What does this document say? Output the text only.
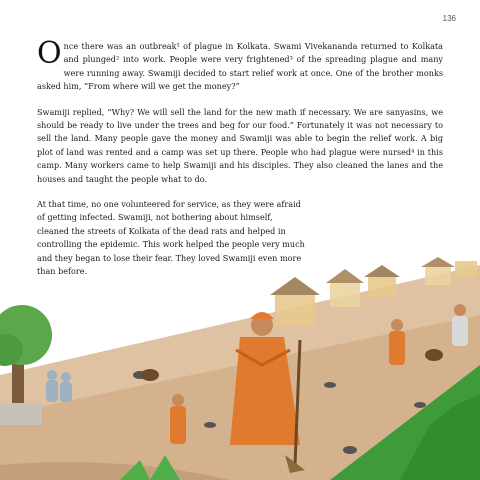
136

Once there was an outbreak¹ of plague in Kolkata. Swami Vivekananda returned to Kolkata and plunged² into work. People were very frightened³ of the spreading plague and many were running away. Swamiji decided to start relief work at once. One of the brother monks asked him, “From where will we get the money?”

Swamiji replied, “Why? We will sell the land for the new math if necessary. We are sanyasins, we should be ready to live under the trees and beg for our food.” Fortunately it was not necessary to sell the land. Many people gave the money and Swamiji was able to begin the relief work. A big plot of land was rented and a camp was set up there. People who had plague were nursed⁴ in this camp. Many workers came to help Swamiji and his disciples. They also cleaned the lanes and the houses and taught the people what to do.

At that time, no one volunteered for service, as they were afraid of getting infected. Swamiji, not bothering about himself, cleaned the streets of Kolkata of the dead rats and helped in controlling the epidemic. This work helped the people very much and they began to lose their fear. They loved Swamiji even more than before.
